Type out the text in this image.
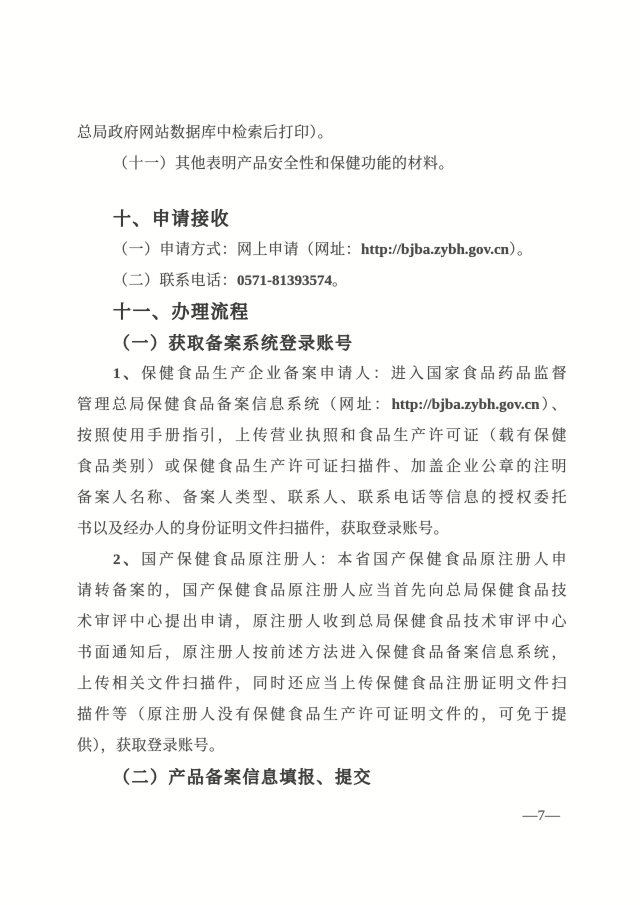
总局政府网站数据库中检索后打印）。
（十一）其他表明产品安全性和保健功能的材料。
十、申请接收
（一）申请方式：网上申请（网址：http://bjba.zybh.gov.cn）。
（二）联系电话：0571-81393574。
十一、办理流程
（一）获取备案系统登录账号
1、保健食品生产企业备案申请人：进入国家食品药品监督
管理总局保健食品备案信息系统（网址：http://bjba.zybh.gov.cn）、
按照使用手册指引，上传营业执照和食品生产许可证（载有保健
食品类别）或保健食品生产许可证扫描件、加盖企业公章的注明
备案人名称、备案人类型、联系人、联系电话等信息的授权委托
书以及经办人的身份证明文件扫描件，获取登录账号。
2、国产保健食品原注册人：本省国产保健食品原注册人申
请转备案的，国产保健食品原注册人应当首先向总局保健食品技
术审评中心提出申请，原注册人收到总局保健食品技术审评中心
书面通知后，原注册人按前述方法进入保健食品备案信息系统，
上传相关文件扫描件，同时还应当上传保健食品注册证明文件扫
描件等（原注册人没有保健食品生产许可证明文件的，可免于提
供），获取登录账号。
（二）产品备案信息填报、提交
—7—
